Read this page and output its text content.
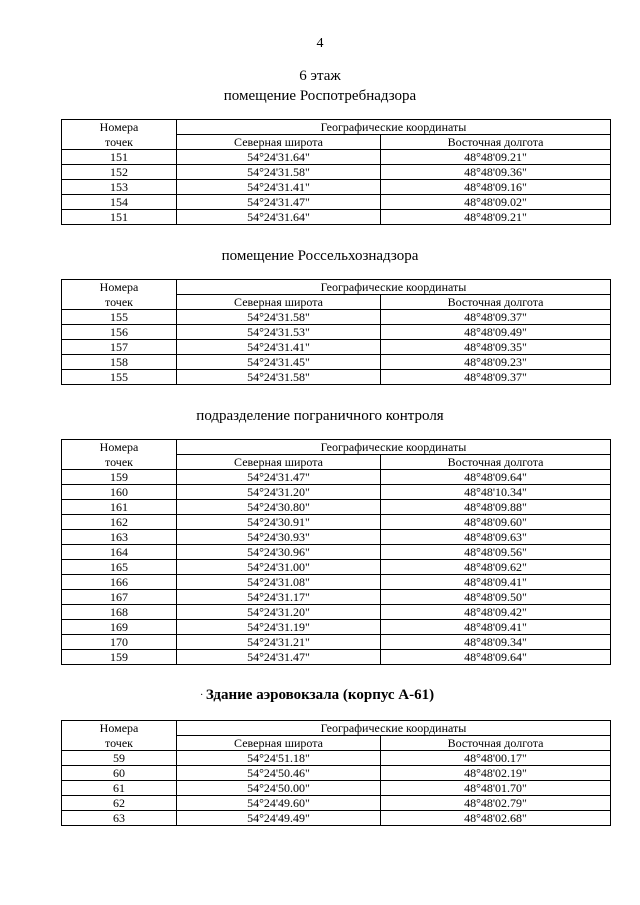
4
6 этаж
помещение Роспотребнадзора
Номера	Географические координаты	
точек	Северная широта	Восточная долгота
151	54°24'31.64"	48°48'09.21"
152	54°24'31.58"	48°48'09.36"
153	54°24'31.41"	48°48'09.16"
154	54°24'31.47"	48°48'09.02"
151	54°24'31.64"	48°48'09.21"
помещение Россельхознадзора
Номера	Географические координаты	
точек	Северная широта	Восточная долгота
155	54°24'31.58"	48°48'09.37"
156	54°24'31.53"	48°48'09.49"
157	54°24'31.41"	48°48'09.35"
158	54°24'31.45"	48°48'09.23"
155	54°24'31.58"	48°48'09.37"
подразделение пограничного контроля
Номера	Географические координаты	
точек	Северная широта	Восточная долгота
159	54°24'31.47"	48°48'09.64"
160	54°24'31.20"	48°48'10.34"
161	54°24'30.80"	48°48'09.88"
162	54°24'30.91"	48°48'09.60"
163	54°24'30.93"	48°48'09.63"
164	54°24'30.96"	48°48'09.56"
165	54°24'31.00"	48°48'09.62"
166	54°24'31.08"	48°48'09.41"
167	54°24'31.17"	48°48'09.50"
168	54°24'31.20"	48°48'09.42"
169	54°24'31.19"	48°48'09.41"
170	54°24'31.21"	48°48'09.34"
159	54°24'31.47"	48°48'09.64"
· Здание аэровокзала (корпус А-61)
Номера	Географические координаты	
точек	Северная широта	Восточная долгота
59	54°24'51.18"	48°48'00.17"
60	54°24'50.46"	48°48'02.19"
61	54°24'50.00"	48°48'01.70"
62	54°24'49.60"	48°48'02.79"
63	54°24'49.49"	48°48'02.68"
